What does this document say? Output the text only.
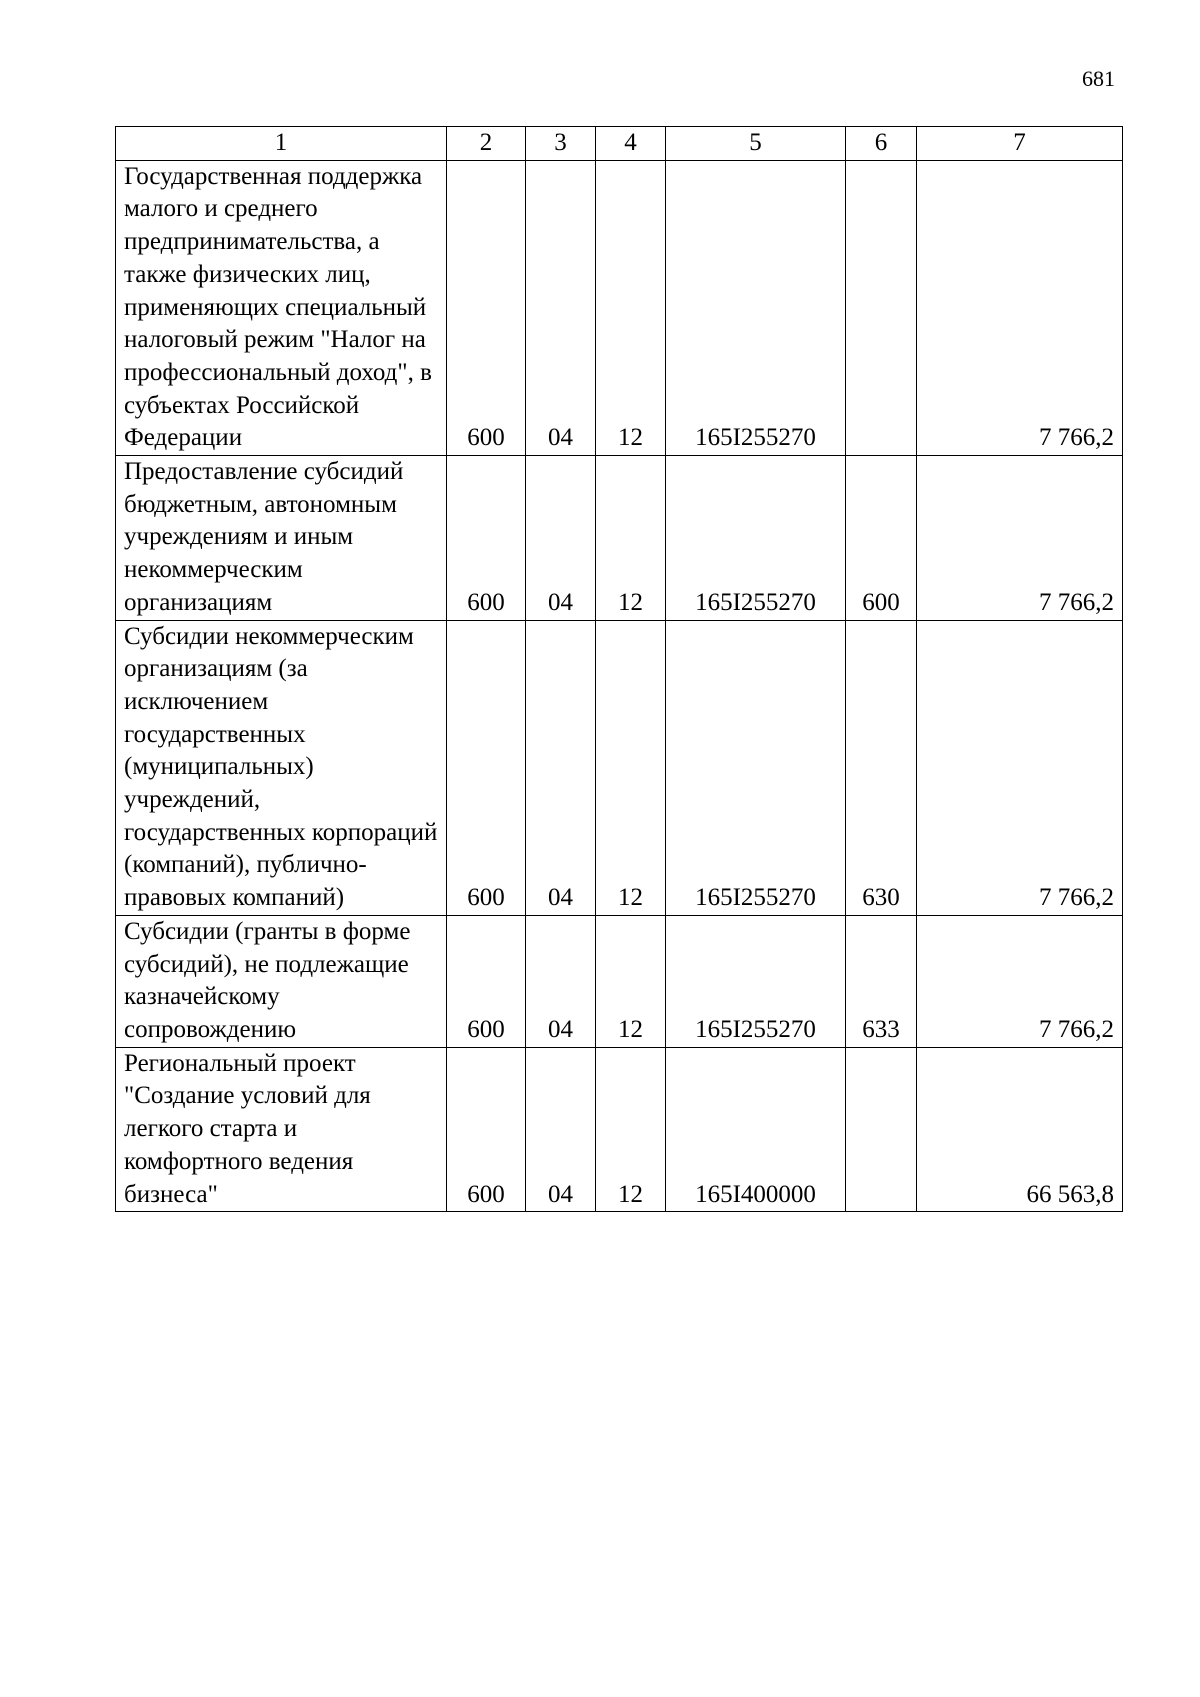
681
1	2	3	4	5	6	7
Государственная поддержка малого и среднего предпринимательства, а также физических лиц, применяющих специальный налоговый режим "Налог на профессиональный доход", в субъектах Российской Федерации	600	04	12	165I255270		7 766,2
Предоставление субсидий бюджетным, автономным учреждениям и иным некоммерческим организациям	600	04	12	165I255270	600	7 766,2
Субсидии некоммерческим организациям (за исключением государственных (муниципальных) учреждений, государственных корпораций (компаний), публично-правовых компаний)	600	04	12	165I255270	630	7 766,2
Субсидии (гранты в форме субсидий), не подлежащие казначейскому сопровождению	600	04	12	165I255270	633	7 766,2
Региональный проект "Создание условий для легкого старта и комфортного ведения бизнеса"	600	04	12	165I400000		66 563,8
